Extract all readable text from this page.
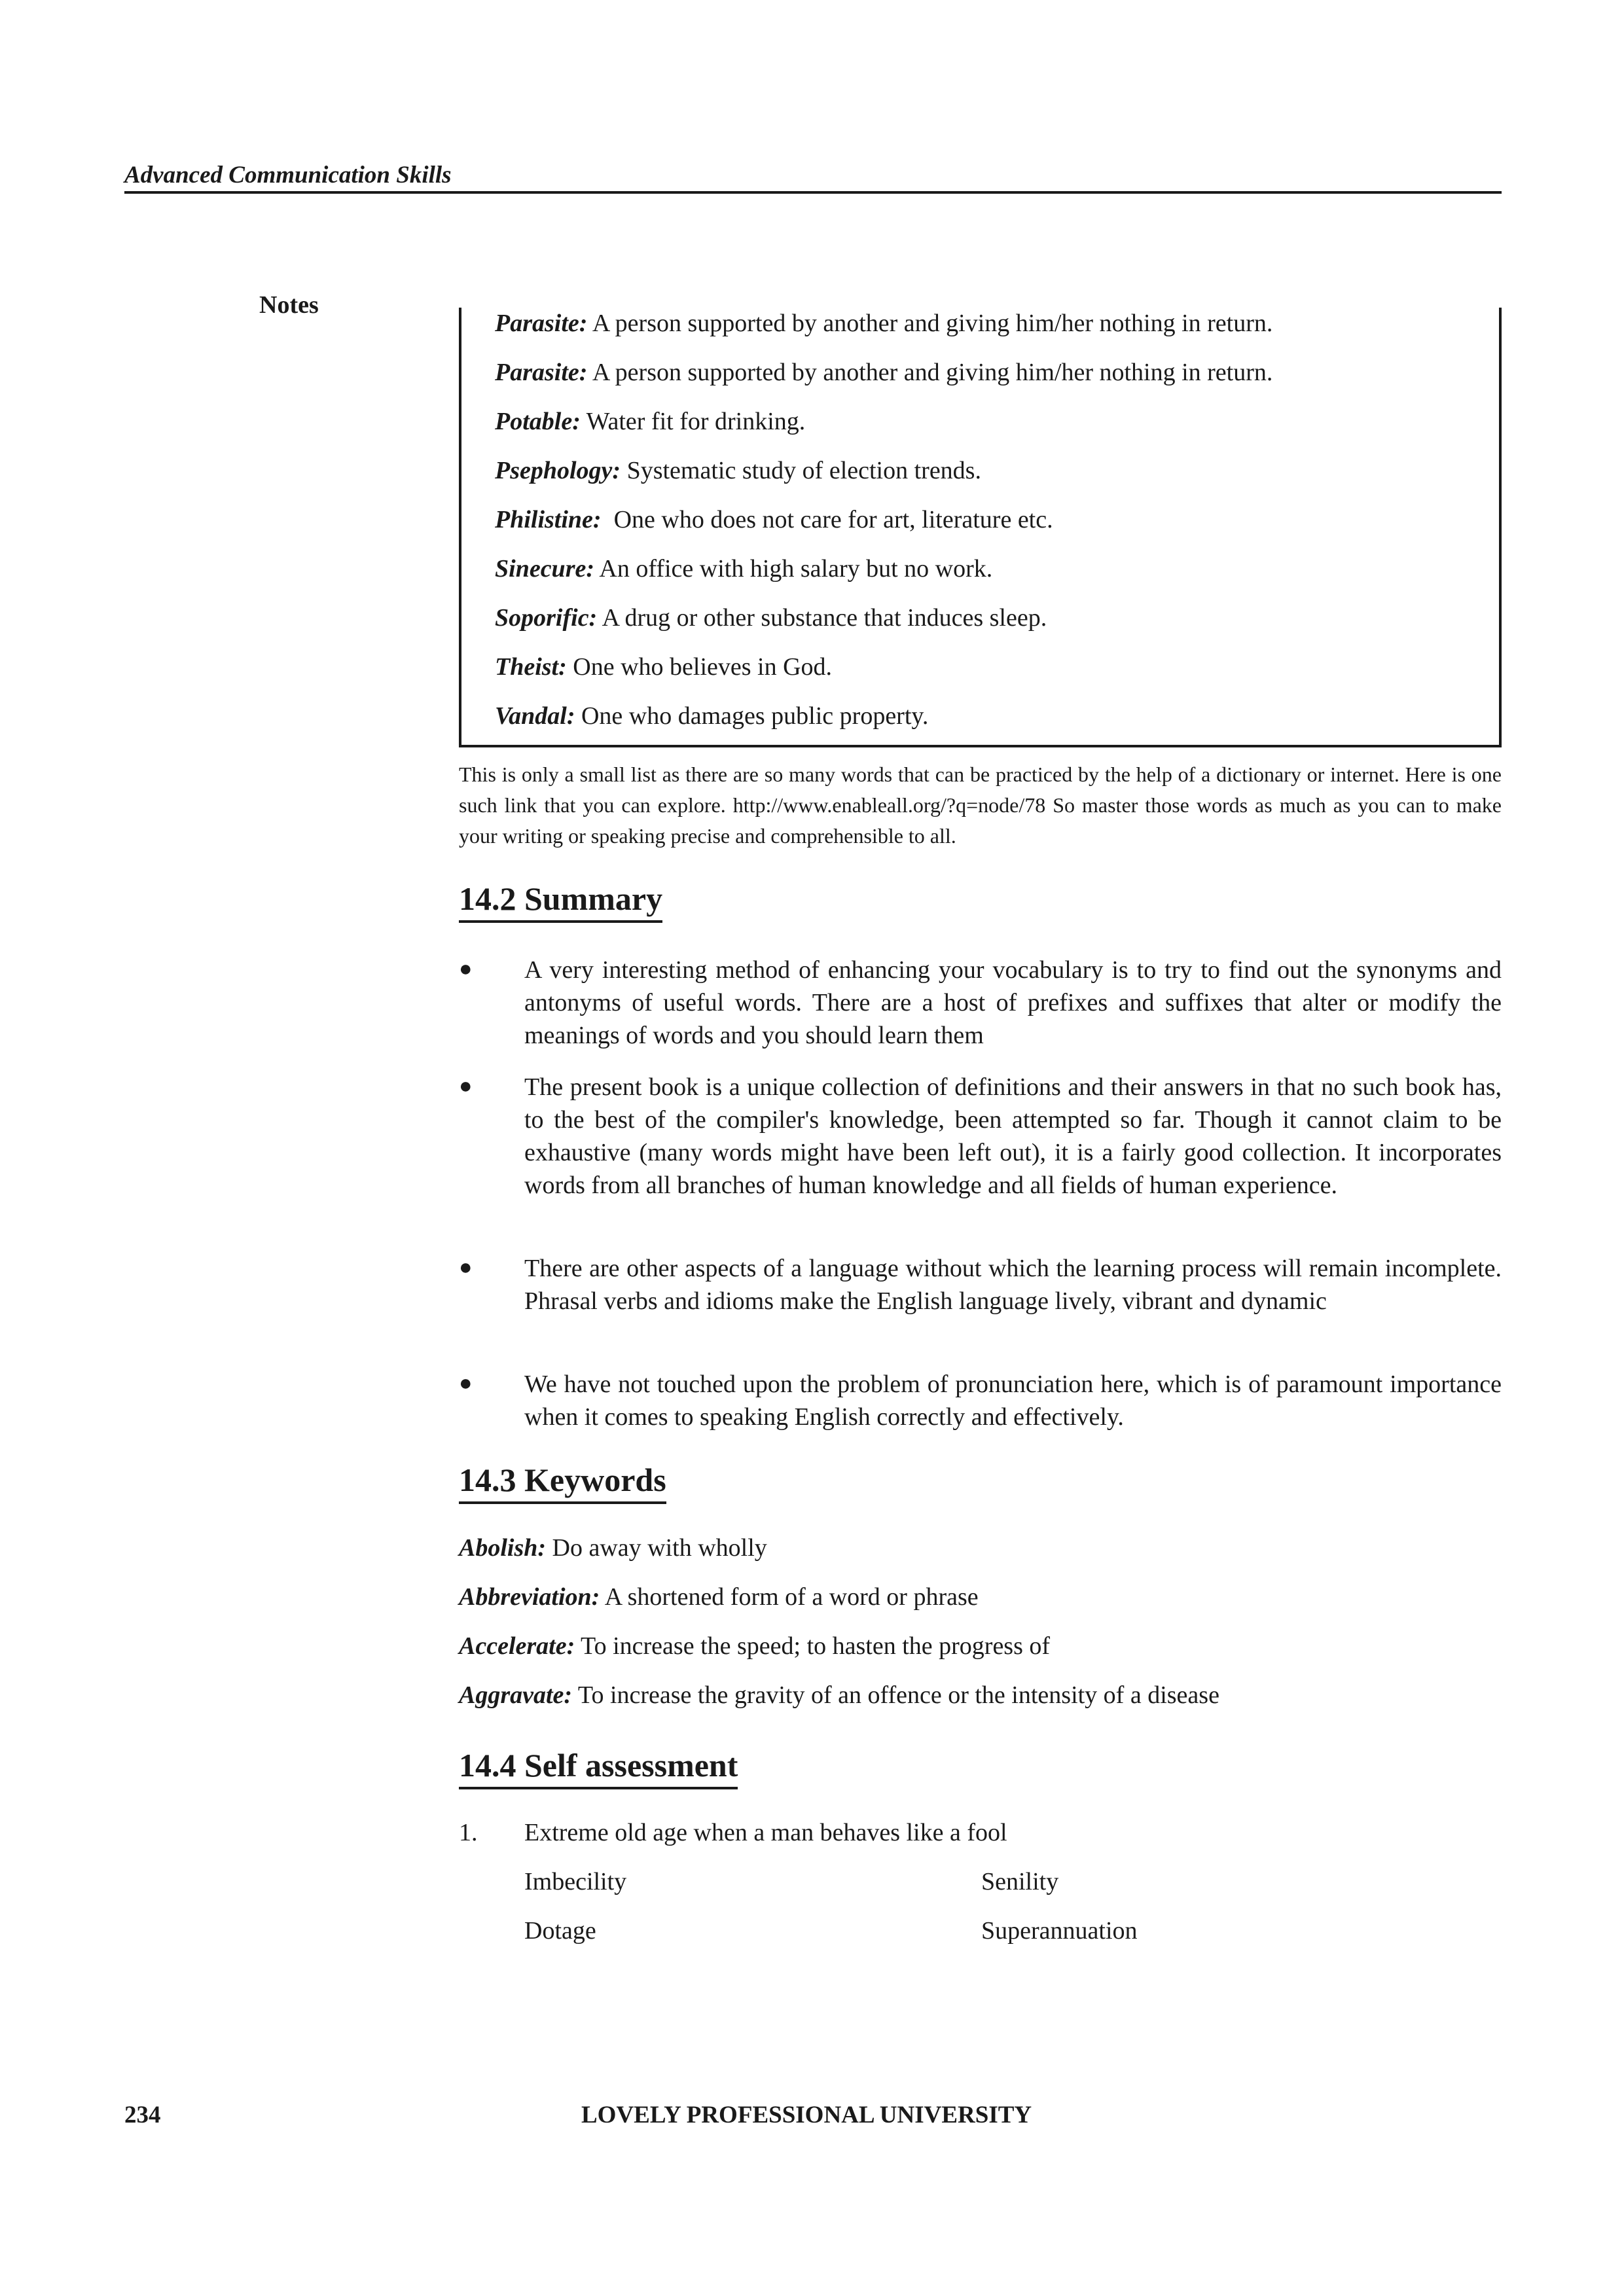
Advanced Communication Skills
Notes
Parasite: A person supported by another and giving him/her nothing in return.
Parasite: A person supported by another and giving him/her nothing in return.
Potable: Water fit for drinking.
Psephology: Systematic study of election trends.
Philistine:  One who does not care for art, literature etc.
Sinecure: An office with high salary but no work.
Soporific: A drug or other substance that induces sleep.
Theist: One who believes in God.
Vandal: One who damages public property.
This is only a small list as there are so many words that can be practiced by the help of a dictionary or internet. Here is one such link that you can explore. http://www.enableall.org/?q=node/78 So master those words as much as you can to make your writing or speaking precise and comprehensible to all.
14.2 Summary
● A very interesting method of enhancing your vocabulary is to try to find out the synonyms and antonyms of useful words. There are a host of prefixes and suffixes that alter or modify the meanings of words and you should learn them
● The present book is a unique collection of definitions and their answers in that no such book has, to the best of the compiler's knowledge, been attempted so far. Though it cannot claim to be exhaustive (many words might have been left out), it is a fairly good collection. It incorporates words from all branches of human knowledge and all fields of human experience.
● There are other aspects of a language without which the learning process will remain incomplete. Phrasal verbs and idioms make the English language lively, vibrant and dynamic
● We have not touched upon the problem of pronunciation here, which is of paramount importance when it comes to speaking English correctly and effectively.
14.3 Keywords
Abolish: Do away with wholly
Abbreviation: A shortened form of a word or phrase
Accelerate: To increase the speed; to hasten the progress of
Aggravate: To increase the gravity of an offence or the intensity of a disease
14.4 Self assessment
1. Extreme old age when a man behaves like a fool
Imbecility	Senility
Dotage	Superannuation
234	LOVELY PROFESSIONAL UNIVERSITY
